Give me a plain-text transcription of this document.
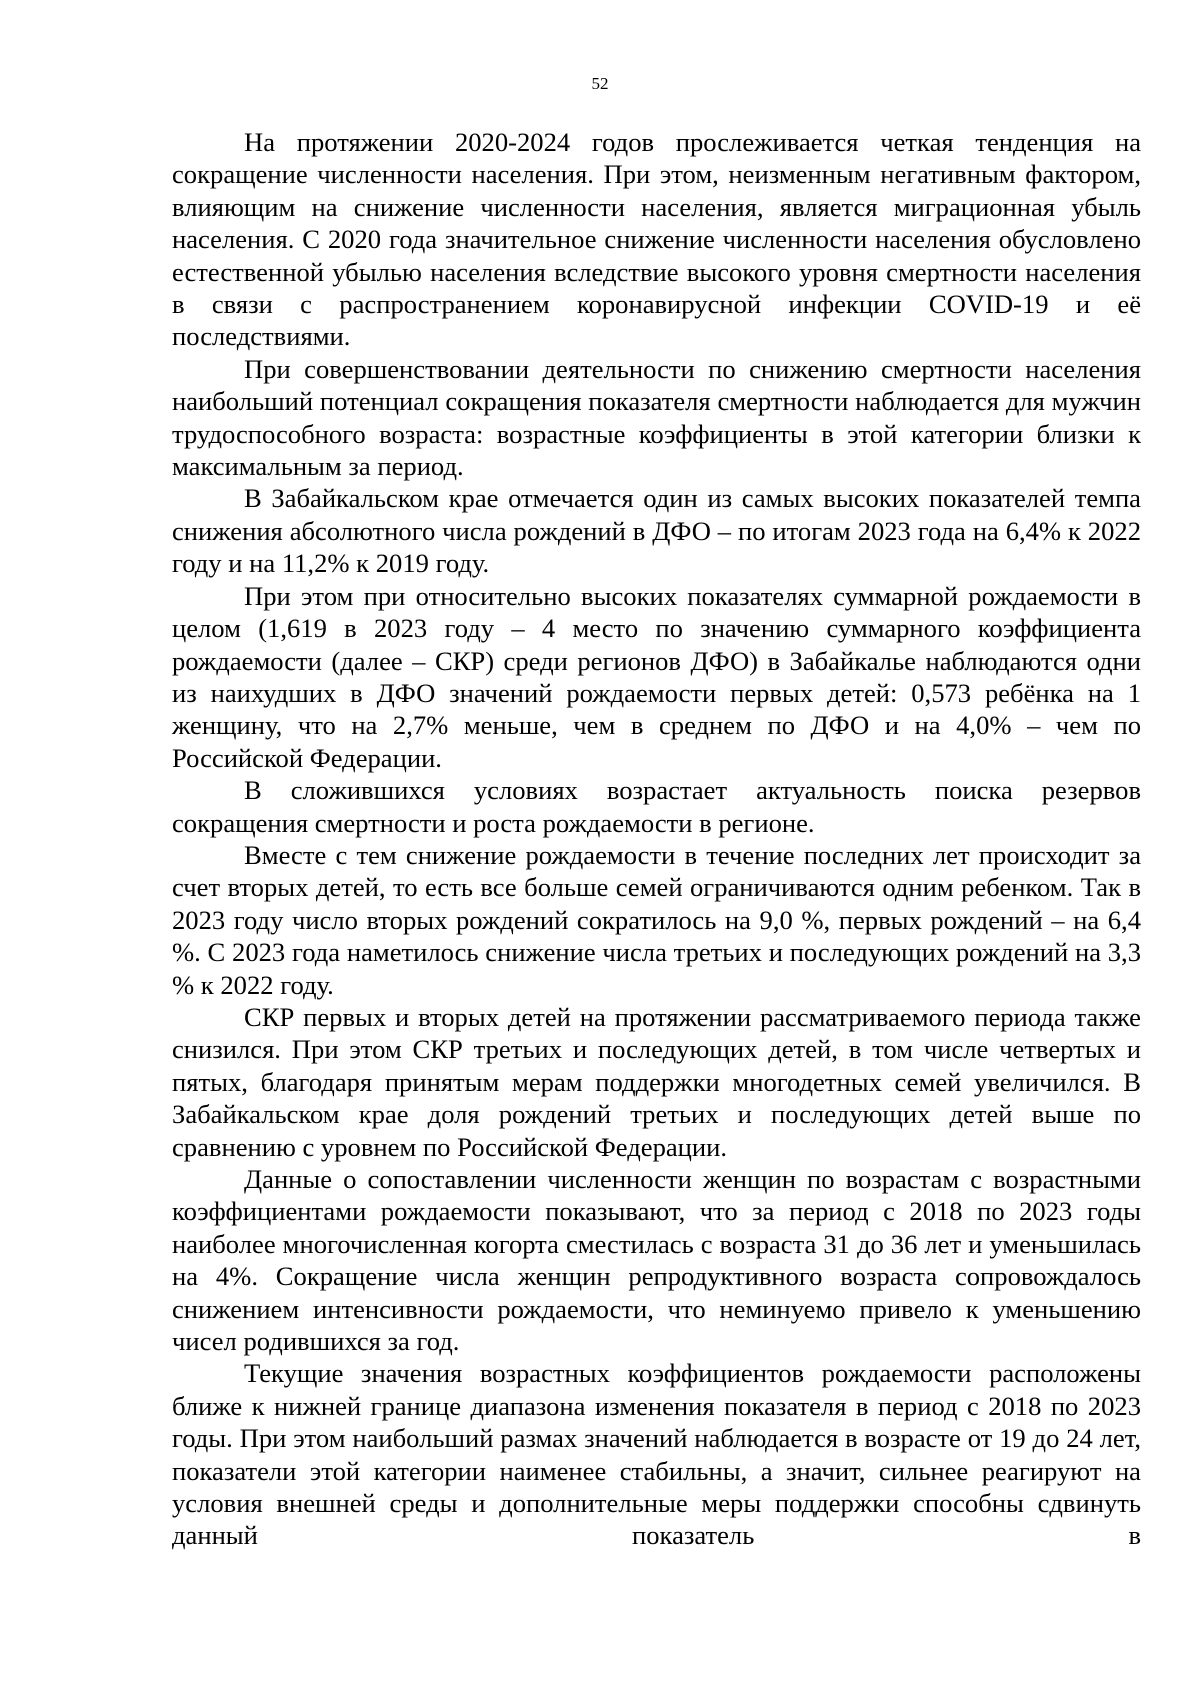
52

На протяжении 2020-2024 годов прослеживается четкая тенденция на сокращение численности населения. При этом, неизменным негативным фактором, влияющим на снижение численности населения, является миграционная убыль населения. С 2020 года значительное снижение численности населения обусловлено естественной убылью населения вследствие высокого уровня смертности населения в связи с распространением коронавирусной инфекции COVID-19 и её последствиями.

При совершенствовании деятельности по снижению смертности населения наибольший потенциал сокращения показателя смертности наблюдается для мужчин трудоспособного возраста: возрастные коэффициенты в этой категории близки к максимальным за период.

В Забайкальском крае отмечается один из самых высоких показателей темпа снижения абсолютного числа рождений в ДФО – по итогам 2023 года на 6,4% к 2022 году и на 11,2% к 2019 году.

При этом при относительно высоких показателях суммарной рождаемости в целом (1,619 в 2023 году – 4 место по значению суммарного коэффициента рождаемости (далее – СКР) среди регионов ДФО) в Забайкалье наблюдаются одни из наихудших в ДФО значений рождаемости первых детей: 0,573 ребёнка на 1 женщину, что на 2,7% меньше, чем в среднем по ДФО и на 4,0% – чем по Российской Федерации.

В сложившихся условиях возрастает актуальность поиска резервов сокращения смертности и роста рождаемости в регионе.

Вместе с тем снижение рождаемости в течение последних лет происходит за счет вторых детей, то есть все больше семей ограничиваются одним ребенком. Так в 2023 году число вторых рождений сократилось на 9,0 %, первых рождений – на 6,4 %. С 2023 года наметилось снижение числа третьих и последующих рождений на 3,3 % к 2022 году.

СКР первых и вторых детей на протяжении рассматриваемого периода также снизился. При этом СКР третьих и последующих детей, в том числе четвертых и пятых, благодаря принятым мерам поддержки многодетных семей увеличился. В Забайкальском крае доля рождений третьих и последующих детей выше по сравнению с уровнем по Российской Федерации.

Данные о сопоставлении численности женщин по возрастам с возрастными коэффициентами рождаемости показывают, что за период с 2018 по 2023 годы наиболее многочисленная когорта сместилась с возраста 31 до 36 лет и уменьшилась на 4%. Сокращение числа женщин репродуктивного возраста сопровождалось снижением интенсивности рождаемости, что неминуемо привело к уменьшению чисел родившихся за год.

Текущие значения возрастных коэффициентов рождаемости расположены ближе к нижней границе диапазона изменения показателя в период с 2018 по 2023 годы. При этом наибольший размах значений наблюдается в возрасте от 19 до 24 лет, показатели этой категории наименее стабильны, а значит, сильнее реагируют на условия внешней среды и дополнительные меры поддержки способны сдвинуть данный показатель в
